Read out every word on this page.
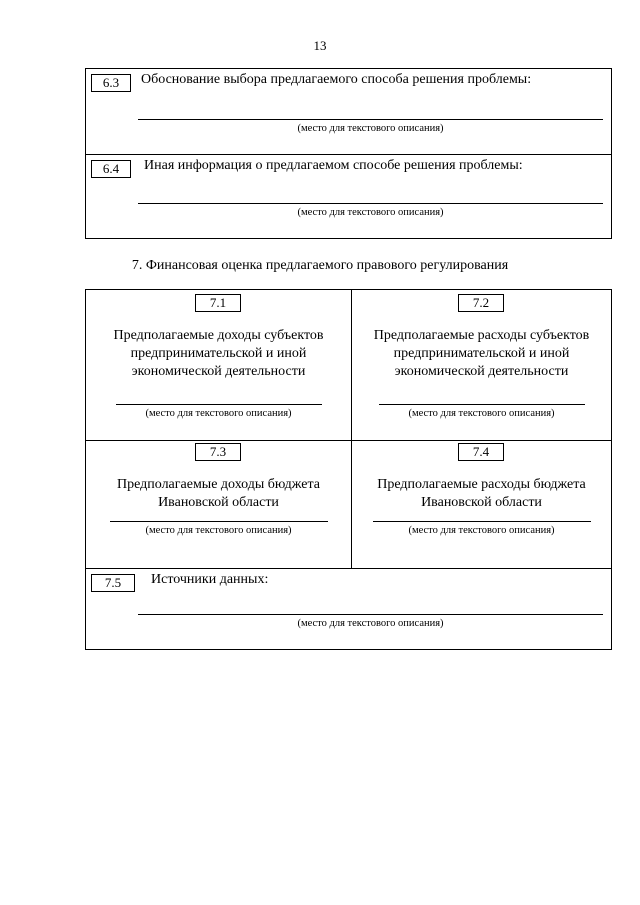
13
6.3	Обоснование выбора предлагаемого способа решения проблемы:
(место для текстового описания)
6.4	Иная информация о предлагаемом способе решения проблемы:
(место для текстового описания)
7. Финансовая оценка предлагаемого правового регулирования
7.1
Предполагаемые доходы субъектов предпринимательской и иной экономической деятельности
(место для текстового описания)
7.2
Предполагаемые расходы субъектов предпринимательской и иной экономической деятельности
(место для текстового описания)
7.3
Предполагаемые доходы бюджета Ивановской области
(место для текстового описания)
7.4
Предполагаемые расходы бюджета Ивановской области
(место для текстового описания)
7.5	Источники данных:
(место для текстового описания)
